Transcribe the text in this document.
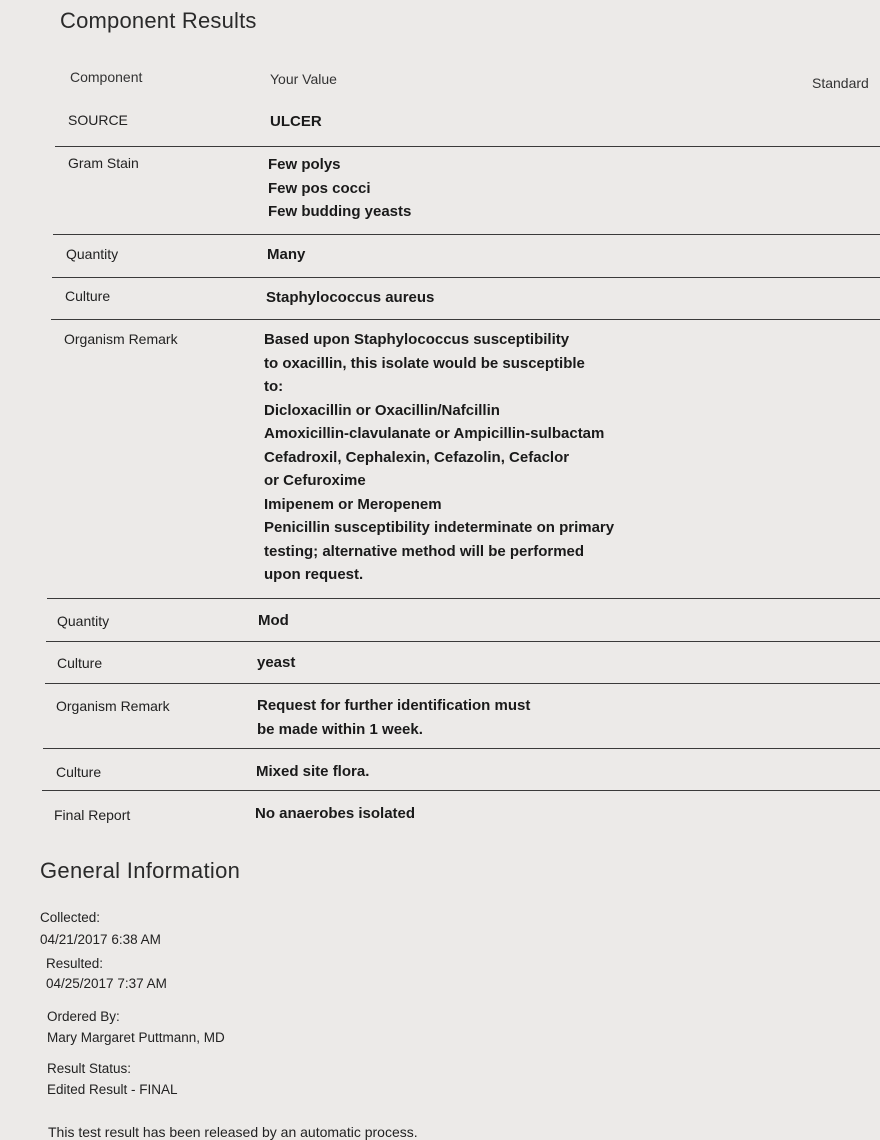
Component Results
Component	Your Value	Standard
SOURCE	ULCER
Gram Stain	Few polys
Few pos cocci
Few budding yeasts
Quantity	Many
Culture	Staphylococcus aureus
Organism Remark	Based upon Staphylococcus susceptibility
to oxacillin, this isolate would be susceptible
to:
Dicloxacillin or Oxacillin/Nafcillin
Amoxicillin-clavulanate or Ampicillin-sulbactam
Cefadroxil, Cephalexin, Cefazolin, Cefaclor
or Cefuroxime
Imipenem or Meropenem
Penicillin susceptibility indeterminate on primary
testing; alternative method will be performed
upon request.
Quantity	Mod
Culture	yeast
Organism Remark	Request for further identification must
be made within 1 week.
Culture	Mixed site flora.
Final Report	No anaerobes isolated
General Information
Collected:
04/21/2017 6:38 AM
Resulted:
04/25/2017 7:37 AM
Ordered By:
Mary Margaret Puttmann, MD
Result Status:
Edited Result - FINAL
This test result has been released by an automatic process.
